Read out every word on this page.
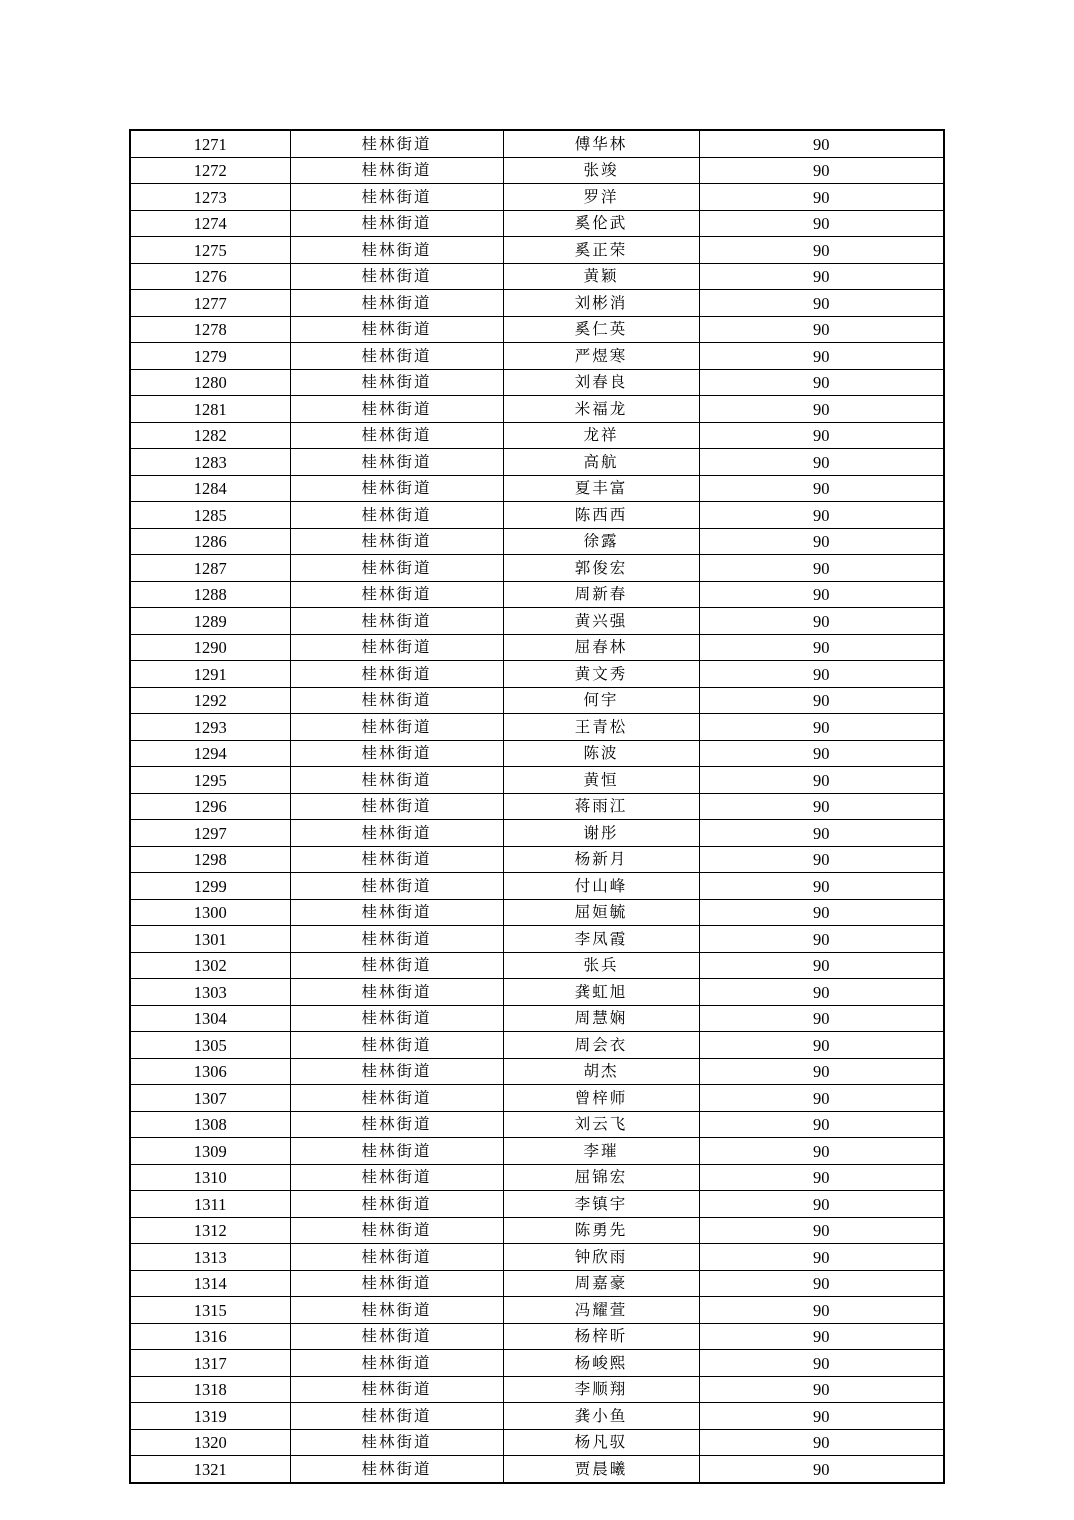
1271	桂林街道	傅华林	90
1272	桂林街道	张竣	90
1273	桂林街道	罗洋	90
1274	桂林街道	奚伦武	90
1275	桂林街道	奚正荣	90
1276	桂林街道	黄颖	90
1277	桂林街道	刘彬消	90
1278	桂林街道	奚仁英	90
1279	桂林街道	严煜寒	90
1280	桂林街道	刘春良	90
1281	桂林街道	米福龙	90
1282	桂林街道	龙祥	90
1283	桂林街道	高航	90
1284	桂林街道	夏丰富	90
1285	桂林街道	陈西西	90
1286	桂林街道	徐露	90
1287	桂林街道	郭俊宏	90
1288	桂林街道	周新春	90
1289	桂林街道	黄兴强	90
1290	桂林街道	屈春林	90
1291	桂林街道	黄文秀	90
1292	桂林街道	何宇	90
1293	桂林街道	王青松	90
1294	桂林街道	陈波	90
1295	桂林街道	黄恒	90
1296	桂林街道	蒋雨江	90
1297	桂林街道	谢彤	90
1298	桂林街道	杨新月	90
1299	桂林街道	付山峰	90
1300	桂林街道	屈姮毓	90
1301	桂林街道	李凤霞	90
1302	桂林街道	张兵	90
1303	桂林街道	龚虹旭	90
1304	桂林街道	周慧娴	90
1305	桂林街道	周会衣	90
1306	桂林街道	胡杰	90
1307	桂林街道	曾梓师	90
1308	桂林街道	刘云飞	90
1309	桂林街道	李璀	90
1310	桂林街道	屈锦宏	90
1311	桂林街道	李镇宇	90
1312	桂林街道	陈勇先	90
1313	桂林街道	钟欣雨	90
1314	桂林街道	周嘉豪	90
1315	桂林街道	冯耀萱	90
1316	桂林街道	杨梓昕	90
1317	桂林街道	杨峻熙	90
1318	桂林街道	李顺翔	90
1319	桂林街道	龚小鱼	90
1320	桂林街道	杨凡驭	90
1321	桂林街道	贾晨曦	90
